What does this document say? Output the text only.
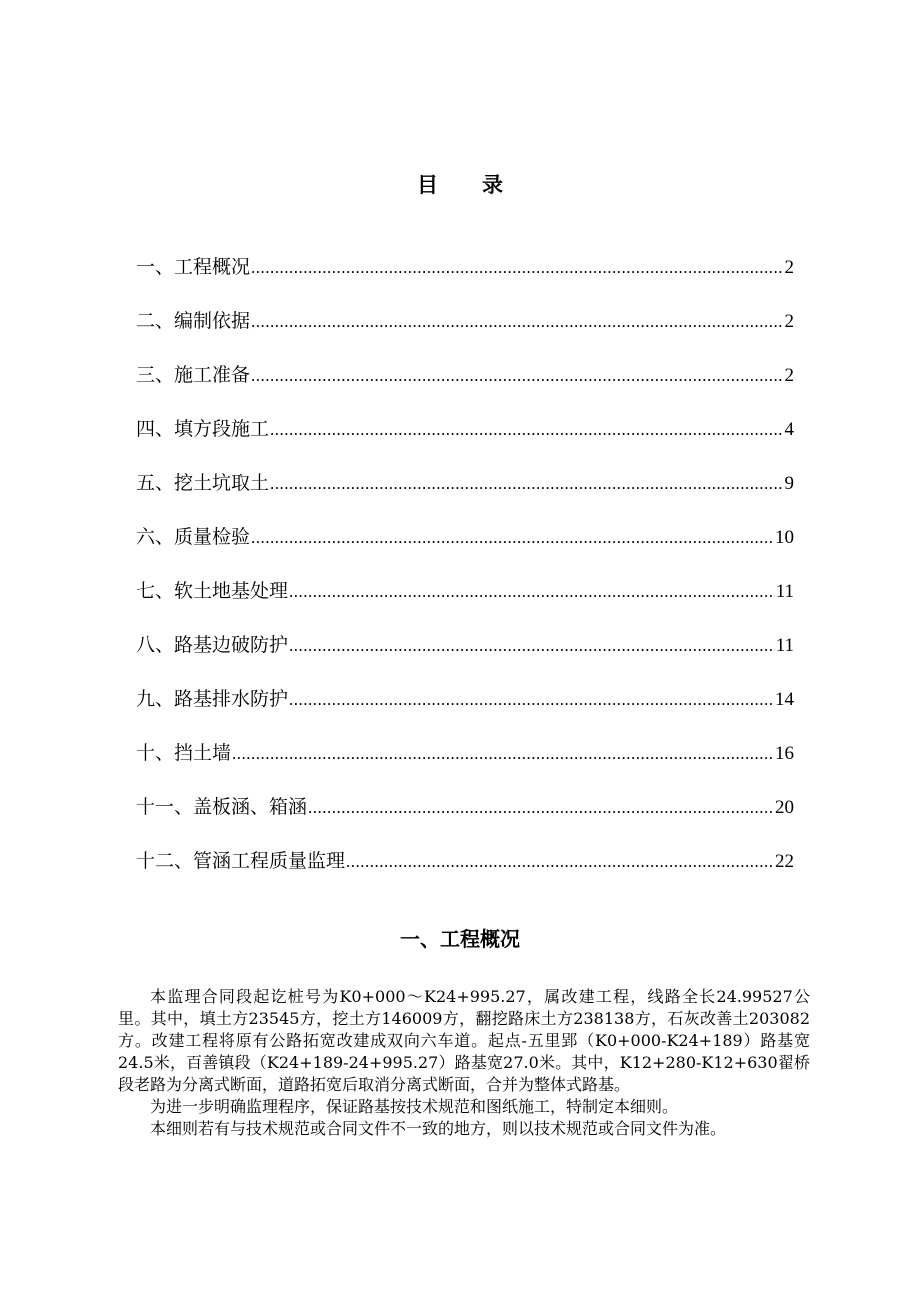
目 录
一、工程概况 .....	2
二、编制依据 .....	2
三、施工准备 .....	2
四、填方段施工 .....	4
五、挖土坑取土 .....	9
六、质量检验 .....	10
七、软土地基处理 .....	11
八、路基边破防护 .....	11
九、路基排水防护 .....	14
十、挡土墙 .....	16
十一、盖板涵、箱涵 .....	20
十二、管涵工程质量监理 .....	22
一、工程概况

本监理合同段起讫桩号为K0+000～K24+995.27，属改建工程，线路全长24.99527公里。其中，填土方23545方，挖土方146009方，翻挖路床土方238138方，石灰改善土203082方。改建工程将原有公路拓宽改建成双向六车道。起点-五里郢（K0+000-K24+189）路基宽24.5米，百善镇段（K24+189-24+995.27）路基宽27.0米。其中，K12+280-K12+630翟桥段老路为分离式断面，道路拓宽后取消分离式断面，合并为整体式路基。

为进一步明确监理程序，保证路基按技术规范和图纸施工，特制定本细则。

本细则若有与技术规范或合同文件不一致的地方，则以技术规范或合同文件为准。
